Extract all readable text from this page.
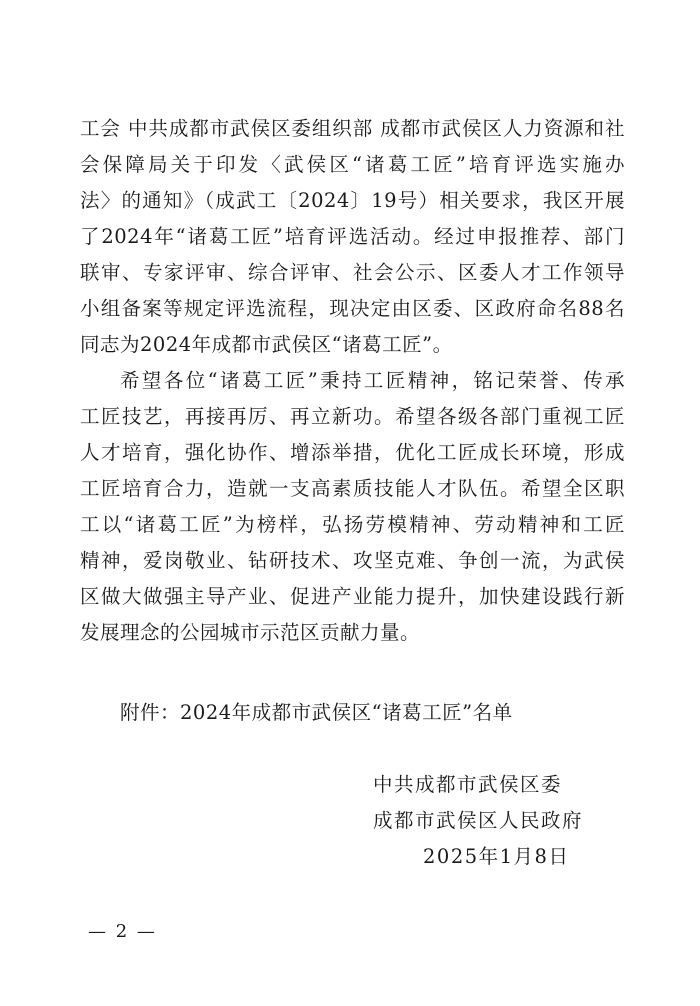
工会 中共成都市武侯区委组织部 成都市武侯区人力资源和社
会保障局关于印发〈武侯区“诸葛工匠”培育评选实施办
法〉的通知》（成武工〔2024〕19号）相关要求，我区开展
了2024年“诸葛工匠”培育评选活动。经过申报推荐、部门
联审、专家评审、综合评审、社会公示、区委人才工作领导
小组备案等规定评选流程，现决定由区委、区政府命名88名
同志为2024年成都市武侯区“诸葛工匠”。
希望各位“诸葛工匠”秉持工匠精神，铭记荣誉、传承
工匠技艺，再接再厉、再立新功。希望各级各部门重视工匠
人才培育，强化协作、增添举措，优化工匠成长环境，形成
工匠培育合力，造就一支高素质技能人才队伍。希望全区职
工以“诸葛工匠”为榜样，弘扬劳模精神、劳动精神和工匠
精神，爱岗敬业、钻研技术、攻坚克难、争创一流，为武侯
区做大做强主导产业、促进产业能力提升，加快建设践行新
发展理念的公园城市示范区贡献力量。
附件：2024年成都市武侯区“诸葛工匠”名单
中共成都市武侯区委
成都市武侯区人民政府
2025年1月8日
— 2 —
